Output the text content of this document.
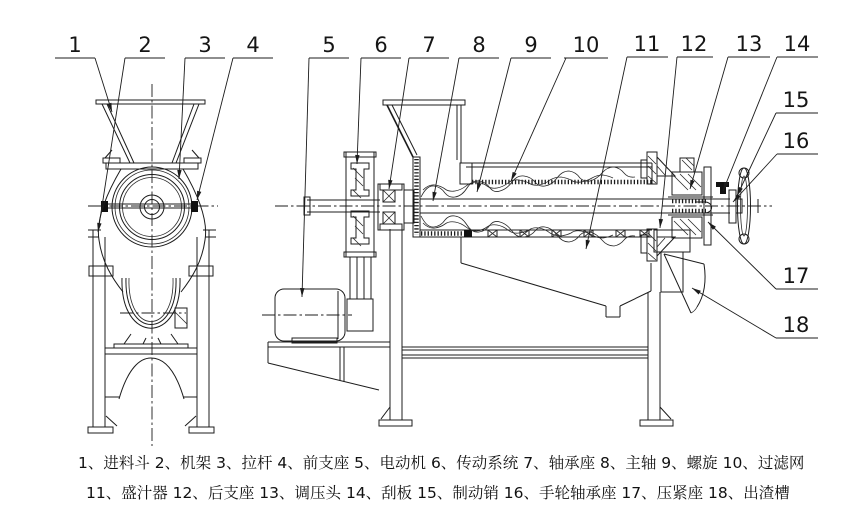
1	2 3 4	5 6 7 8 9 10 11 12 13 14
15
16
17
18
1、进料斗 2、机架 3、拉杆 4、前支座 5、电动机 6、传动系统 7、轴承座 8、主轴 9、螺旋 10、过滤网
11、盛汁器 12、后支座 13、调压头 14、刮板 15、制动销 16、手轮轴承座 17、压紧座 18、出渣槽
